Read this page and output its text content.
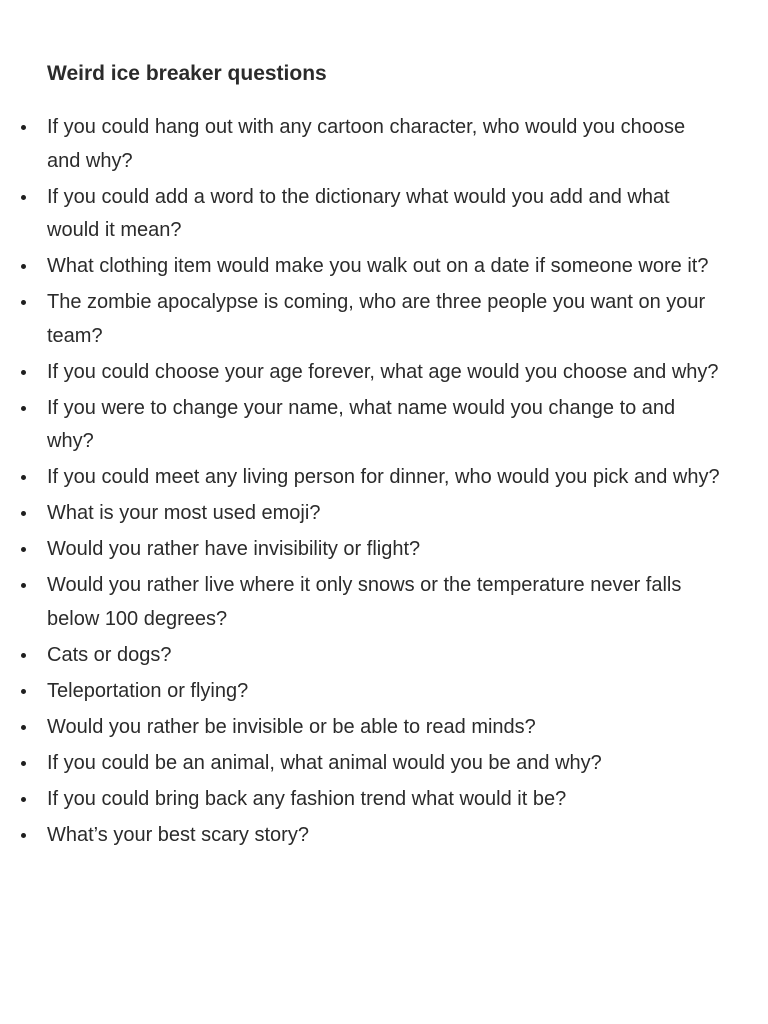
Weird ice breaker questions
If you could hang out with any cartoon character, who would you choose and why?
If you could add a word to the dictionary what would you add and what would it mean?
What clothing item would make you walk out on a date if someone wore it?
The zombie apocalypse is coming, who are three people you want on your team?
If you could choose your age forever, what age would you choose and why?
If you were to change your name, what name would you change to and why?
If you could meet any living person for dinner, who would you pick and why?
What is your most used emoji?
Would you rather have invisibility or flight?
Would you rather live where it only snows or the temperature never falls below 100 degrees?
Cats or dogs?
Teleportation or flying?
Would you rather be invisible or be able to read minds?
If you could be an animal, what animal would you be and why?
If you could bring back any fashion trend what would it be?
What’s your best scary story?
